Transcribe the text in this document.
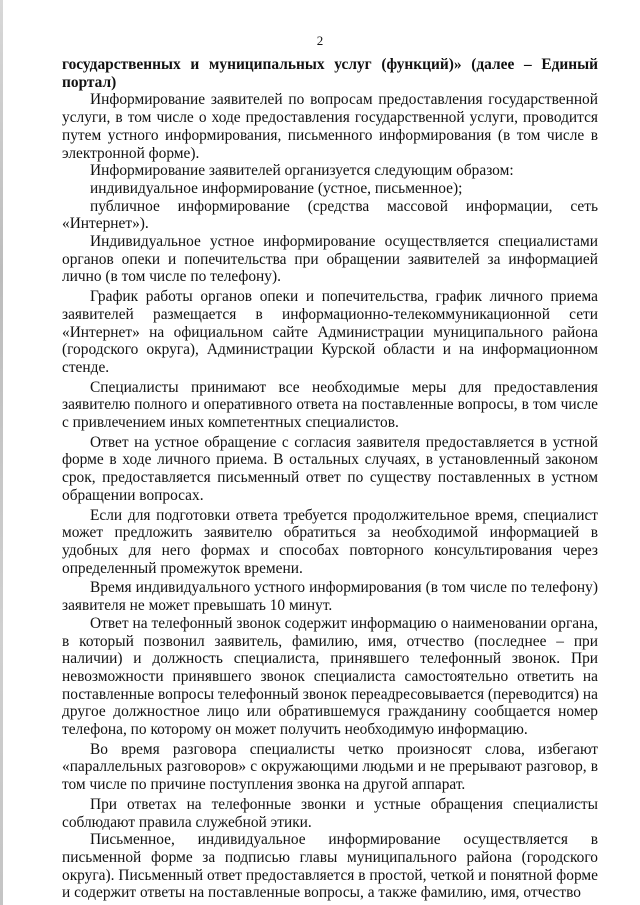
2

государственных и муниципальных услуг (функций)» (далее – Единый портал)

Информирование заявителей по вопросам предоставления государственной услуги, в том числе о ходе предоставления государственной услуги, проводится путем устного информирования, письменного информирования (в том числе в электронной форме).

Информирование заявителей организуется следующим образом:

индивидуальное информирование (устное, письменное);

публичное информирование (средства массовой информации, сеть «Интернет»).

Индивидуальное устное информирование осуществляется специалистами органов опеки и попечительства при обращении заявителей за информацией лично (в том числе по телефону).

График работы органов опеки и попечительства, график личного приема заявителей размещается в информационно-телекоммуникационной сети «Интернет» на официальном сайте Администрации муниципального района (городского округа), Администрации Курской области и на информационном стенде.

Специалисты принимают все необходимые меры для предоставления заявителю полного и оперативного ответа на поставленные вопросы, в том числе с привлечением иных компетентных специалистов.

Ответ на устное обращение с согласия заявителя предоставляется в устной форме в ходе личного приема. В остальных случаях, в установленный законом срок, предоставляется письменный ответ по существу поставленных в устном обращении вопросах.

Если для подготовки ответа требуется продолжительное время, специалист может предложить заявителю обратиться за необходимой информацией в удобных для него формах и способах повторного консультирования через определенный промежуток времени.

Время индивидуального устного информирования (в том числе по телефону) заявителя не может превышать 10 минут.

Ответ на телефонный звонок содержит информацию о наименовании органа, в который позвонил заявитель, фамилию, имя, отчество (последнее – при наличии) и должность специалиста, принявшего телефонный звонок. При невозможности принявшего звонок специалиста самостоятельно ответить на поставленные вопросы телефонный звонок переадресовывается (переводится) на другое должностное лицо или обратившемуся гражданину сообщается номер телефона, по которому он может получить необходимую информацию.

Во время разговора специалисты четко произносят слова, избегают «параллельных разговоров» с окружающими людьми и не прерывают разговор, в том числе по причине поступления звонка на другой аппарат.

При ответах на телефонные звонки и устные обращения специалисты соблюдают правила служебной этики.

Письменное, индивидуальное информирование осуществляется в письменной форме за подписью главы муниципального района (городского округа). Письменный ответ предоставляется в простой, четкой и понятной форме и содержит ответы на поставленные вопросы, а также фамилию, имя, отчество
